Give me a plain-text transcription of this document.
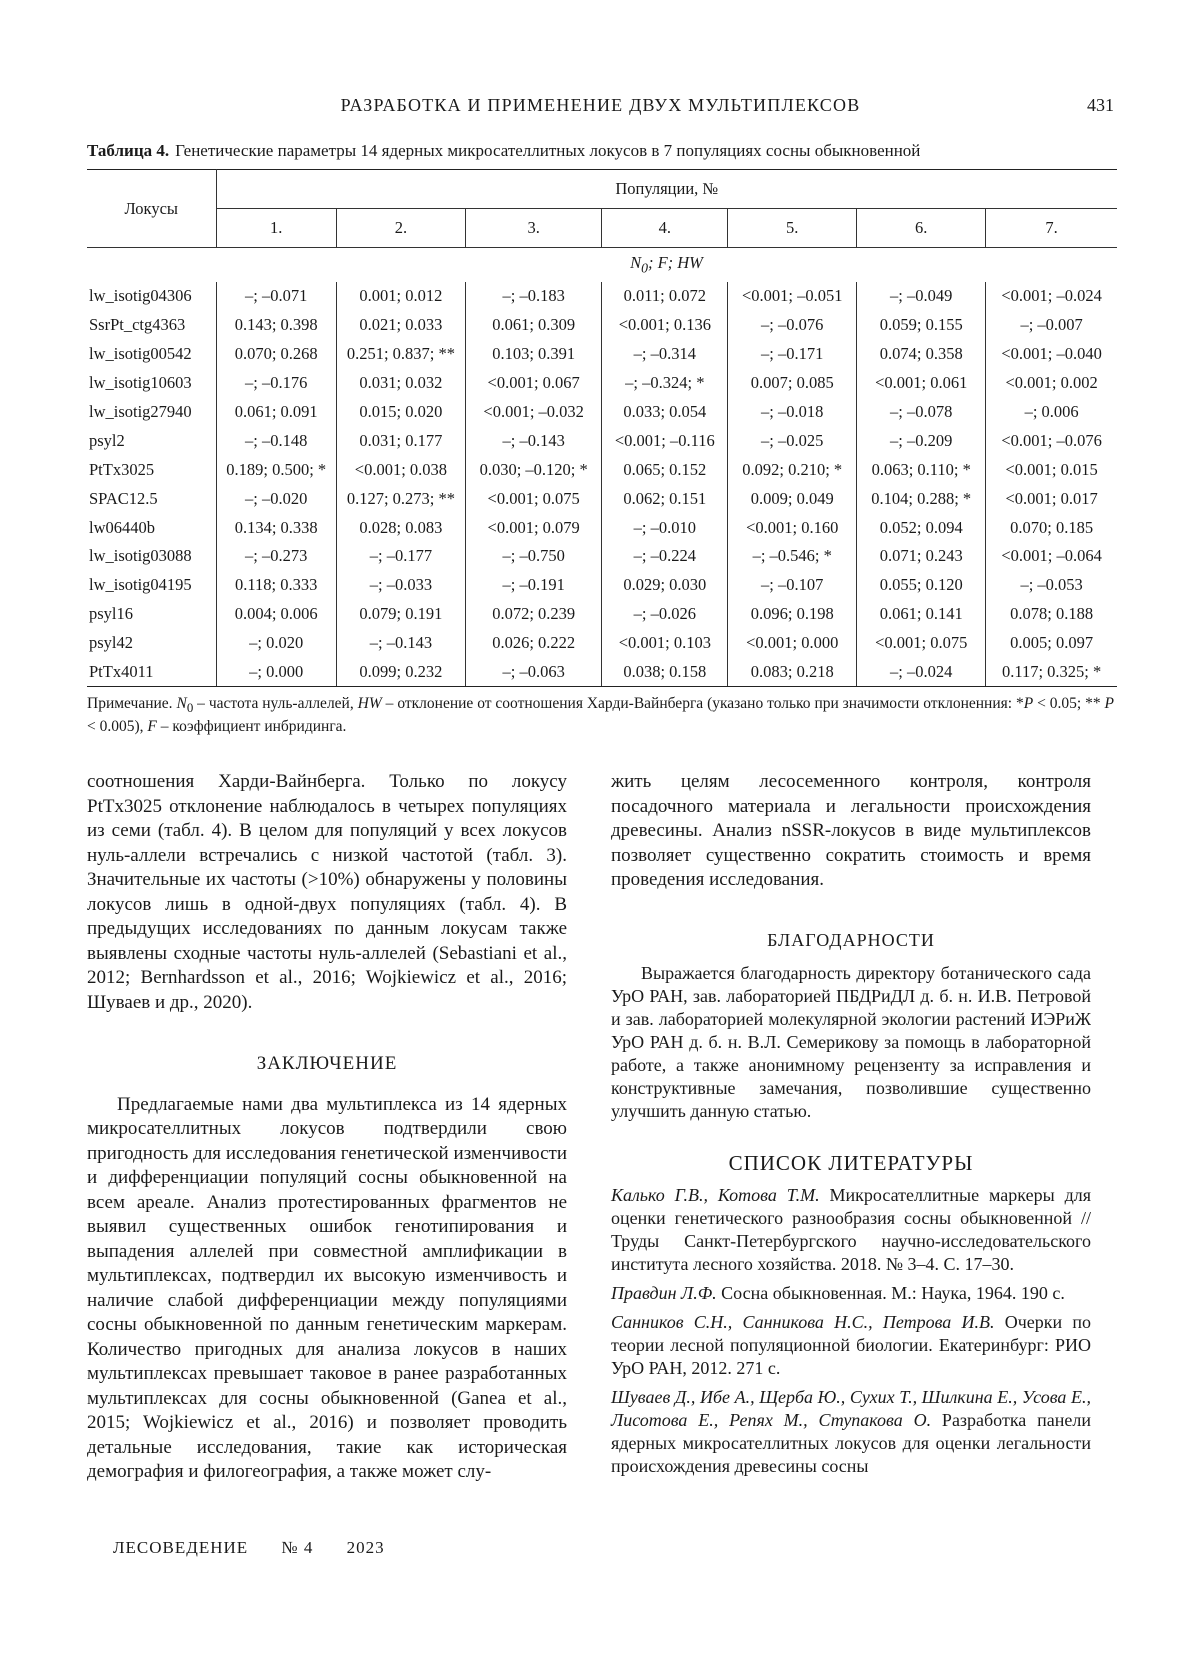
РАЗРАБОТКА И ПРИМЕНЕНИЕ ДВУХ МУЛЬТИПЛЕКСОВ	431
Таблица 4. Генетические параметры 14 ядерных микросателлитных локусов в 7 популяциях сосны обыкновенной
Локусы	Популяции, №						
	1.	2.	3.	4.	5.	6.	7.
	$N_0$; F; HW						
lw_isotig04306	–; –0.071	0.001; 0.012	–; –0.183	0.011; 0.072	<0.001; –0.051	–; –0.049	<0.001; –0.024
SsrPt_ctg4363	0.143; 0.398	0.021; 0.033	0.061; 0.309	<0.001; 0.136	–; –0.076	0.059; 0.155	–; –0.007
lw_isotig00542	0.070; 0.268	0.251; 0.837; **	0.103; 0.391	–; –0.314	–; –0.171	0.074; 0.358	<0.001; –0.040
lw_isotig10603	–; –0.176	0.031; 0.032	<0.001; 0.067	–; –0.324; *	0.007; 0.085	<0.001; 0.061	<0.001; 0.002
lw_isotig27940	0.061; 0.091	0.015; 0.020	<0.001; –0.032	0.033; 0.054	–; –0.018	–; –0.078	–; 0.006
psyl2	–; –0.148	0.031; 0.177	–; –0.143	<0.001; –0.116	–; –0.025	–; –0.209	<0.001; –0.076
PtTx3025	0.189; 0.500; *	<0.001; 0.038	0.030; –0.120; *	0.065; 0.152	0.092; 0.210; *	0.063; 0.110; *	<0.001; 0.015
SPAC12.5	–; –0.020	0.127; 0.273; **	<0.001; 0.075	0.062; 0.151	0.009; 0.049	0.104; 0.288; *	<0.001; 0.017
lw06440b	0.134; 0.338	0.028; 0.083	<0.001; 0.079	–; –0.010	<0.001; 0.160	0.052; 0.094	0.070; 0.185
lw_isotig03088	–; –0.273	–; –0.177	–; –0.750	–; –0.224	–; –0.546; *	0.071; 0.243	<0.001; –0.064
lw_isotig04195	0.118; 0.333	–; –0.033	–; –0.191	0.029; 0.030	–; –0.107	0.055; 0.120	–; –0.053
psyl16	0.004; 0.006	0.079; 0.191	0.072; 0.239	–; –0.026	0.096; 0.198	0.061; 0.141	0.078; 0.188
psyl42	–; 0.020	–; –0.143	0.026; 0.222	<0.001; 0.103	<0.001; 0.000	<0.001; 0.075	0.005; 0.097
PtTx4011	–; 0.000	0.099; 0.232	–; –0.063	0.038; 0.158	0.083; 0.218	–; –0.024	0.117; 0.325; *
Примечание. $N_0$ – частота нуль-аллелей, HW – отклонение от соотношения Харди-Вайнберга (указано только при значимости отклоненния: *P < 0.05; ** P < 0.005), F – коэффициент инбридинга.

соотношения Харди-Вайнберга. Только по локусу PtTx3025 отклонение наблюдалось в четырех популяциях из семи (табл. 4). В целом для популяций у всех локусов нуль-аллели встречались с низкой частотой (табл. 3). Значительные их частоты (>10%) обнаружены у половины локусов лишь в одной-двух популяциях (табл. 4). В предыдущих исследованиях по данным локусам также выявлены сходные частоты нуль-аллелей (Sebastiani et al., 2012; Bernhardsson et al., 2016; Wojkiewicz et al., 2016; Шуваев и др., 2020).

ЗАКЛЮЧЕНИЕ

Предлагаемые нами два мультиплекса из 14 ядерных микросателлитных локусов подтвердили свою пригодность для исследования генетической изменчивости и дифференциации популяций сосны обыкновенной на всем ареале. Анализ протестированных фрагментов не выявил существенных ошибок генотипирования и выпадения аллелей при совместной амплификации в мультиплексах, подтвердил их высокую изменчивость и наличие слабой дифференциации между популяциями сосны обыкновенной по данным генетическим маркерам. Количество пригодных для анализа локусов в наших мультиплексах превышает таковое в ранее разработанных мультиплексах для сосны обыкновенной (Ganea et al., 2015; Wojkiewicz et al., 2016) и позволяет проводить детальные исследования, такие как историческая демография и филогеография, а также может слу-

жить целям лесосеменного контроля, контроля посадочного материала и легальности происхождения древесины. Анализ nSSR-локусов в виде мультиплексов позволяет существенно сократить стоимость и время проведения исследования.

БЛАГОДАРНОСТИ

Выражается благодарность директору ботанического сада УрО РАН, зав. лабораторией ПБДРиДЛ д. б. н. И.В. Петровой и зав. лабораторией молекулярной экологии растений ИЭРиЖ УрО РАН д. б. н. В.Л. Семерикову за помощь в лабораторной работе, а также анонимному рецензенту за исправления и конструктивные замечания, позволившие существенно улучшить данную статью.

СПИСОК ЛИТЕРАТУРЫ

Калько Г.В., Котова Т.М. Микросателлитные маркеры для оценки генетического разнообразия сосны обыкновенной // Труды Санкт-Петербургского научно-исследовательского института лесного хозяйства. 2018. № 3–4. С. 17–30.

Правдин Л.Ф. Сосна обыкновенная. М.: Наука, 1964. 190 с.

Санников С.Н., Санникова Н.С., Петрова И.В. Очерки по теории лесной популяционной биологии. Екатеринбург: РИО УрО РАН, 2012. 271 с.

Шуваев Д., Ибе А., Щерба Ю., Сухих Т., Шилкина Е., Усова Е., Лисотова Е., Репях М., Ступакова О. Разработка панели ядерных микросателлитных локусов для оценки легальности происхождения древесины сосны

ЛЕСОВЕДЕНИЕ № 4 2023
